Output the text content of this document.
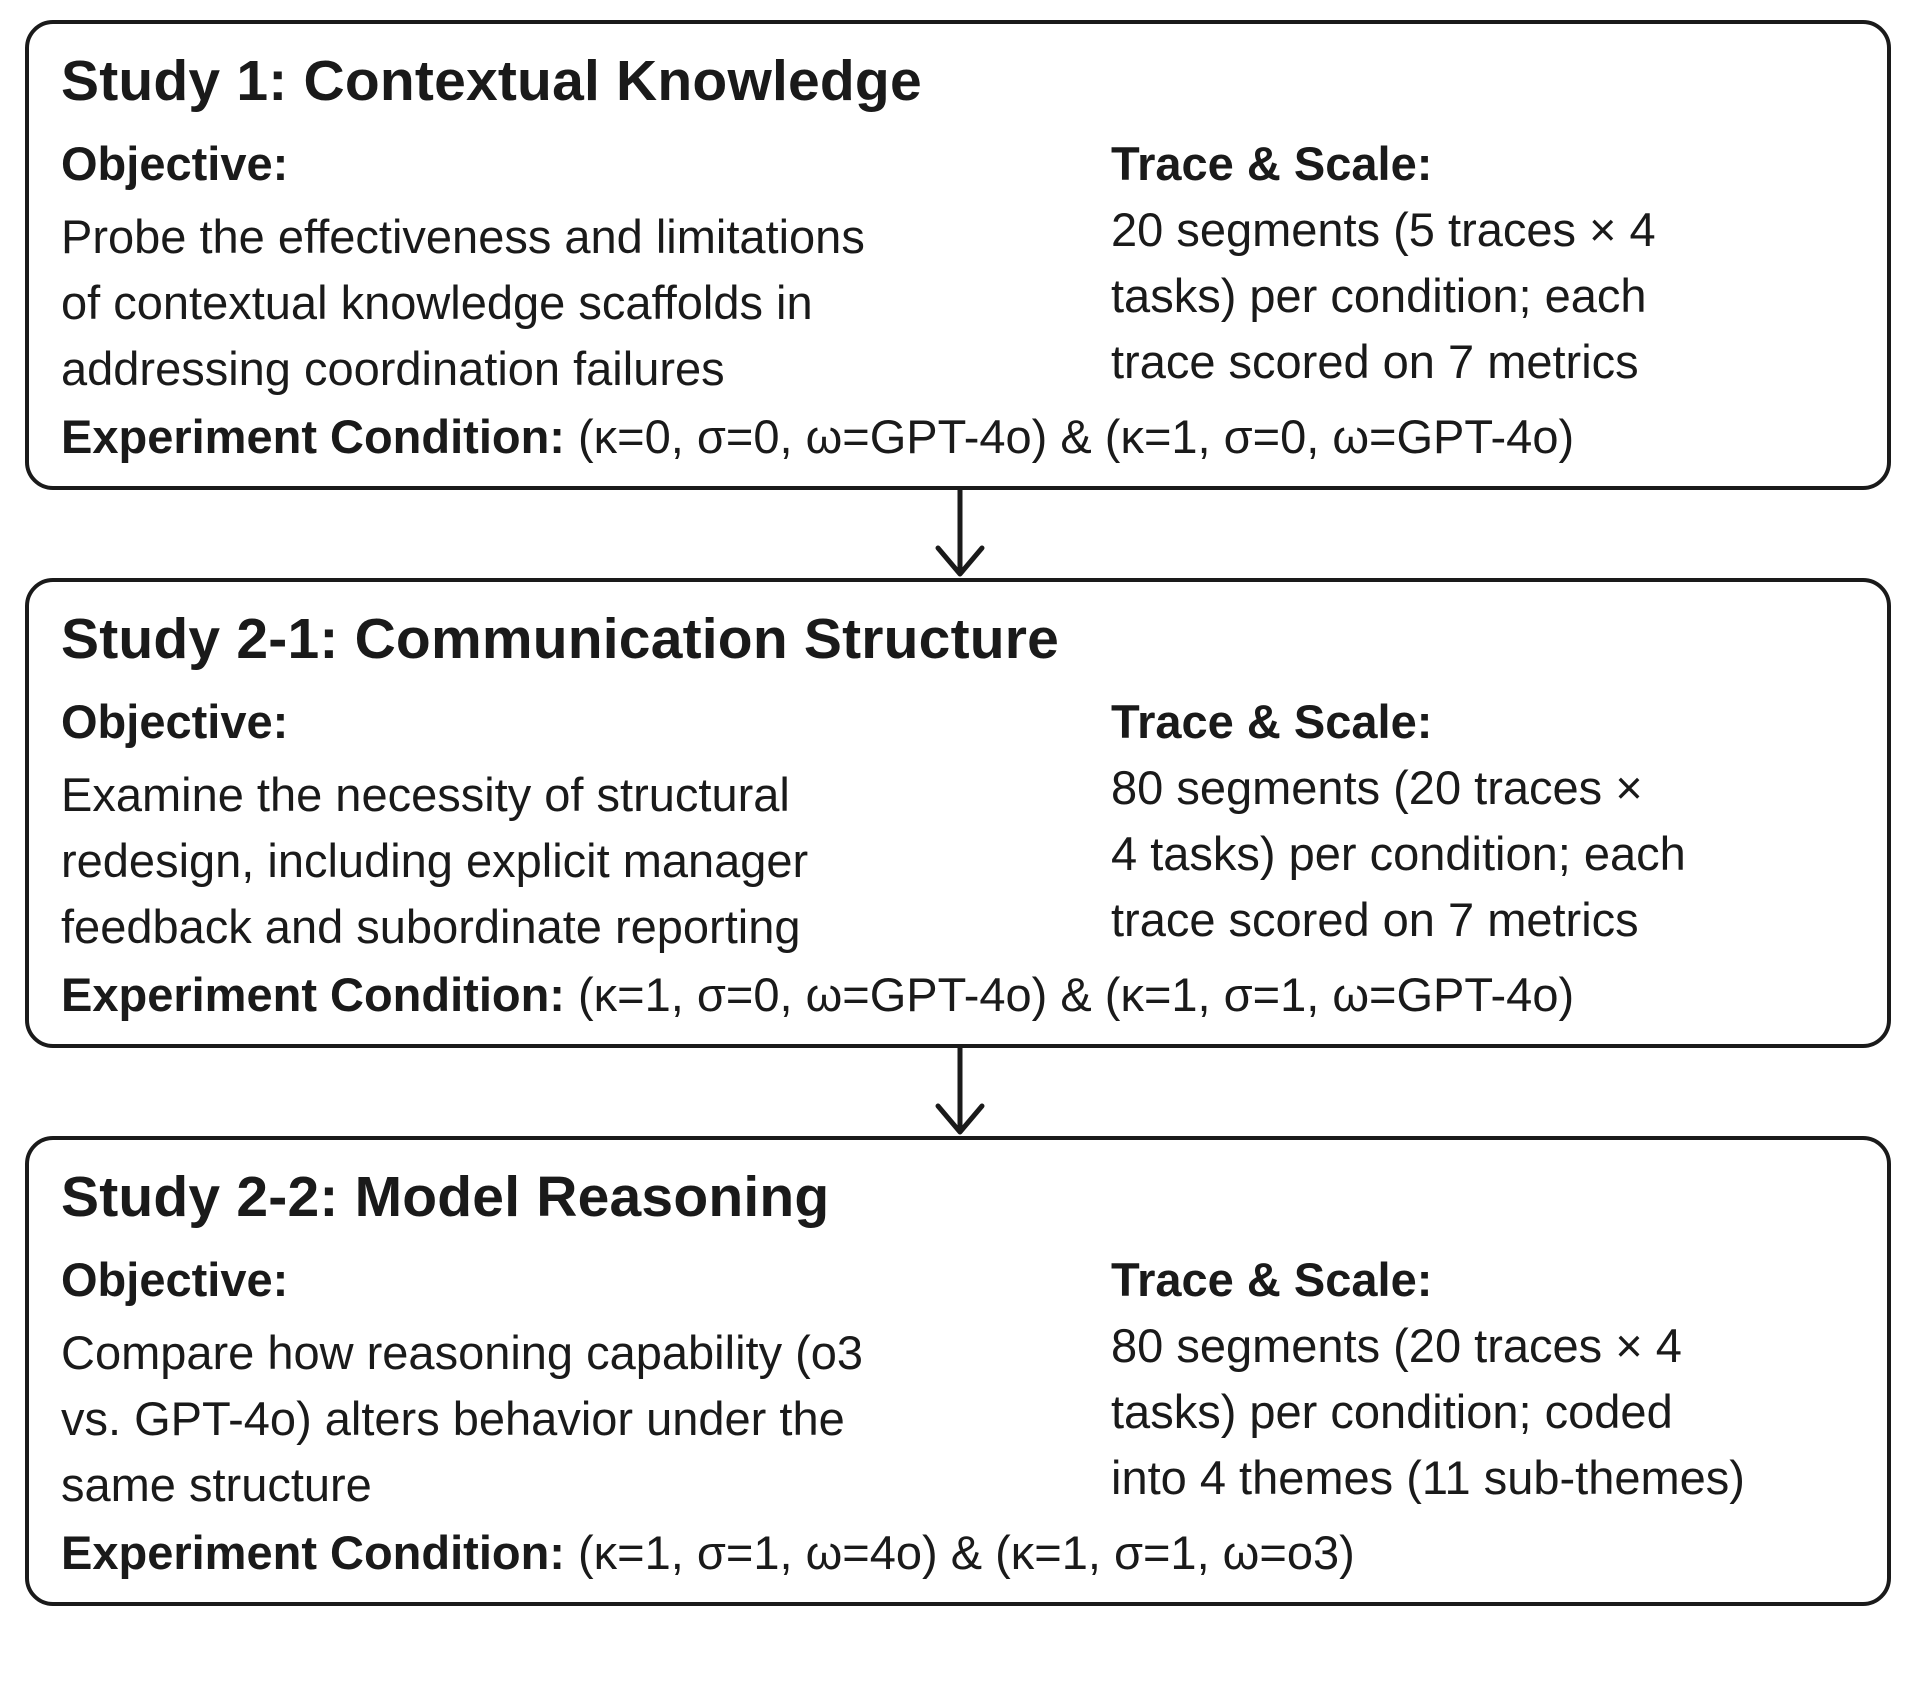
Study 1: Contextual Knowledge
Objective:
Probe the effectiveness and limitations
of contextual knowledge scaffolds in
addressing coordination failures
Trace & Scale:
20 segments (5 traces × 4
tasks) per condition; each
trace scored on 7 metrics
Experiment Condition: (κ=0, σ=0, ω=GPT-4o) & (κ=1, σ=0, ω=GPT-4o)
Study 2-1: Communication Structure
Objective:
Examine the necessity of structural
redesign, including explicit manager
feedback and subordinate reporting
Trace & Scale:
80 segments (20 traces ×
4 tasks) per condition; each
trace scored on 7 metrics
Experiment Condition: (κ=1, σ=0, ω=GPT-4o) & (κ=1, σ=1, ω=GPT-4o)
Study 2-2: Model Reasoning
Objective:
Compare how reasoning capability (o3
vs. GPT-4o) alters behavior under the
same structure
Trace & Scale:
80 segments (20 traces × 4
tasks) per condition; coded
into 4 themes (11 sub-themes)
Experiment Condition: (κ=1, σ=1, ω=4o) & (κ=1, σ=1, ω=o3)
